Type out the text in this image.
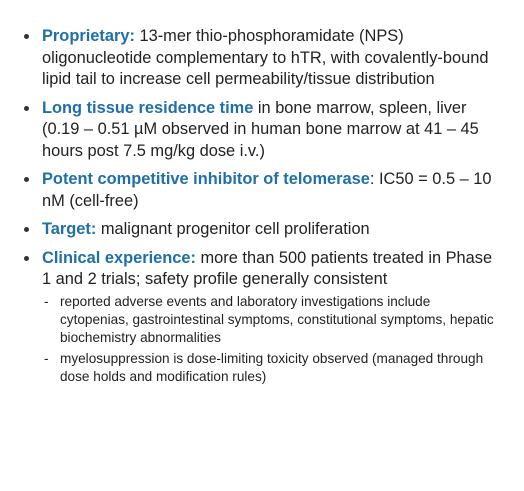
Proprietary: 13-mer thio-phosphoramidate (NPS) oligonucleotide complementary to hTR, with covalently-bound lipid tail to increase cell permeability/tissue distribution
Long tissue residence time in bone marrow, spleen, liver (0.19 – 0.51 µM observed in human bone marrow at 41 – 45 hours post 7.5 mg/kg dose i.v.)
Potent competitive inhibitor of telomerase: IC50 = 0.5 – 10 nM (cell-free)
Target: malignant progenitor cell proliferation
Clinical experience: more than 500 patients treated in Phase 1 and 2 trials; safety profile generally consistent
- reported adverse events and laboratory investigations include cytopenias, gastrointestinal symptoms, constitutional symptoms, hepatic biochemistry abnormalities
- myelosuppression is dose-limiting toxicity observed (managed through dose holds and modification rules)
